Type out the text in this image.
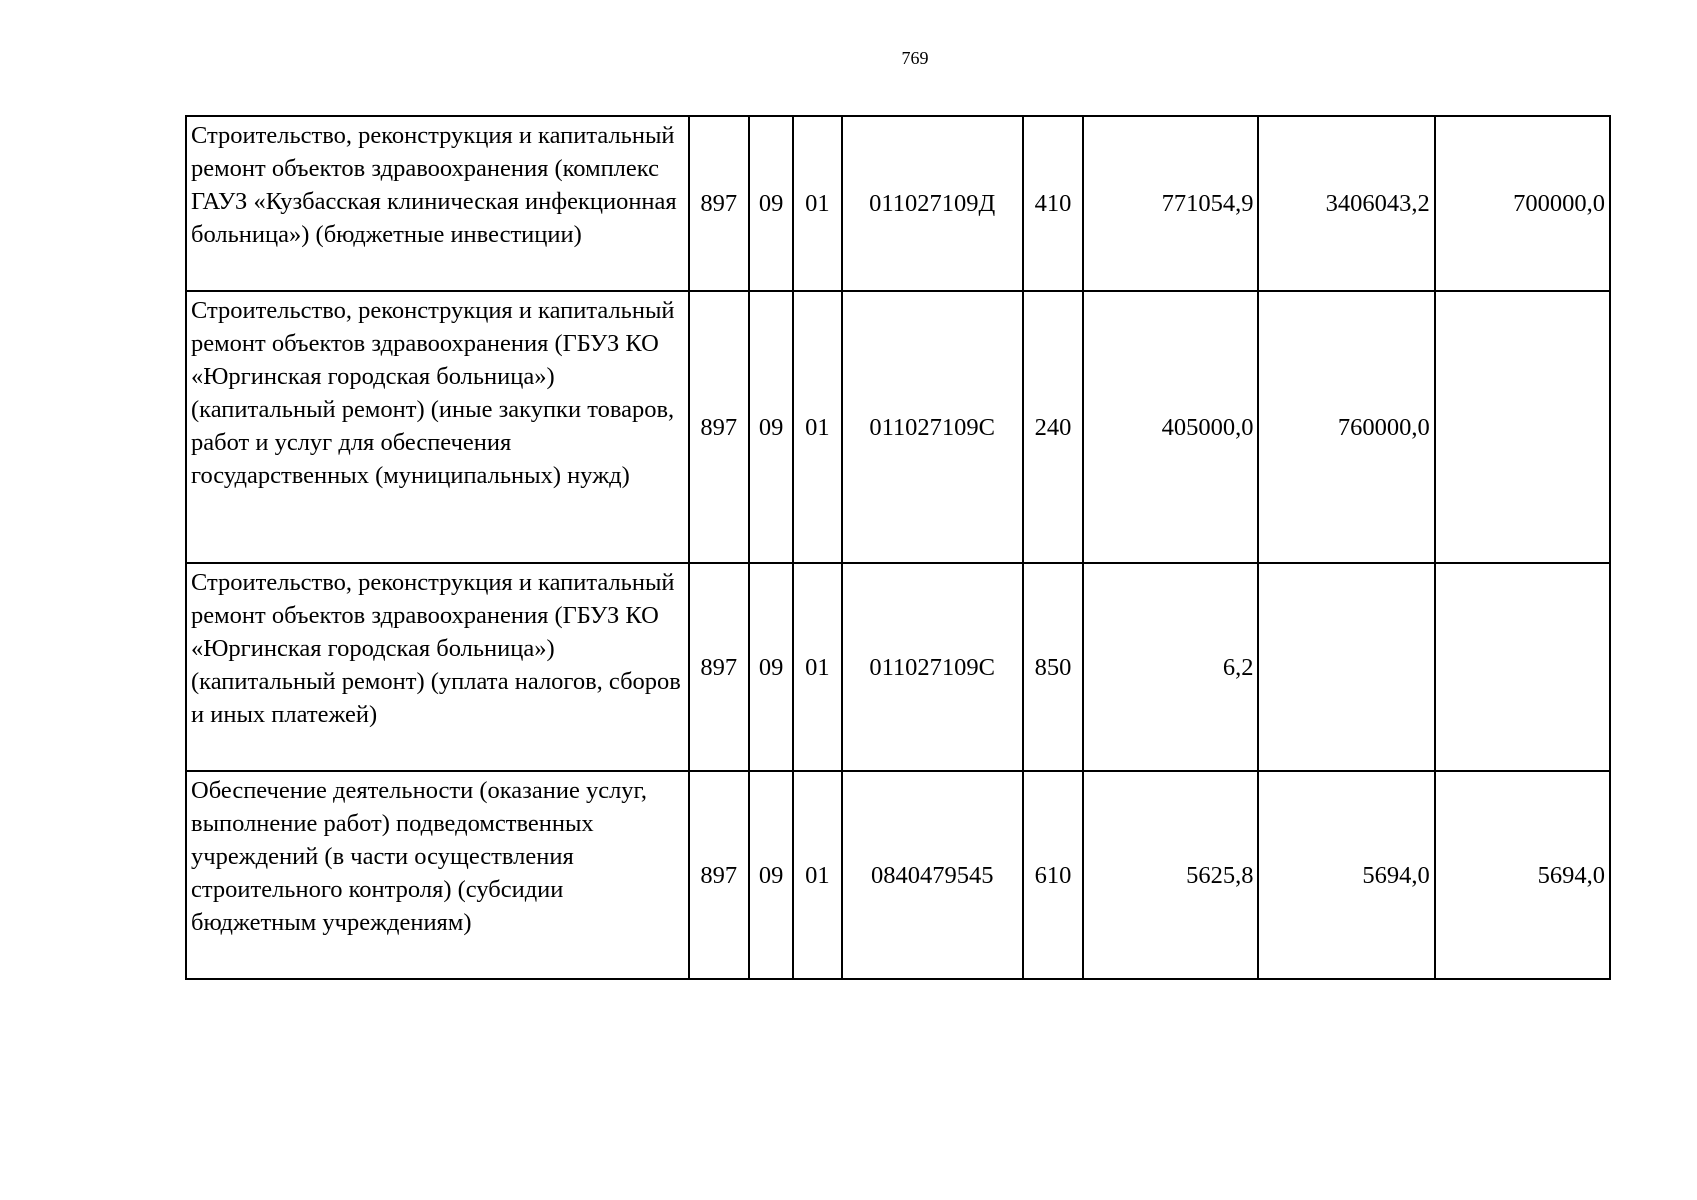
769
Строительство, реконструкция и капитальный ремонт объектов здравоохранения (комплекс ГАУЗ «Кузбасская клиническая инфекционная больница») (бюджетные инвестиции)	897	09	01	011027109Д	410	771054,9	3406043,2	700000,0
Строительство, реконструкция и капитальный ремонт объектов здравоохранения (ГБУЗ КО «Юргинская городская больница») (капитальный ремонт) (иные закупки товаров, работ и услуг для обеспечения государственных (муниципальных) нужд)	897	09	01	011027109С	240	405000,0	760000,0	
Строительство, реконструкция и капитальный ремонт объектов здравоохранения (ГБУЗ КО «Юргинская городская больница») (капитальный ремонт) (уплата налогов, сборов и иных платежей)	897	09	01	011027109С	850	6,2		
Обеспечение деятельности (оказание услуг, выполнение работ) подведомственных учреждений (в части осуществления строительного контроля) (субсидии бюджетным учреждениям)	897	09	01	0840479545	610	5625,8	5694,0	5694,0
